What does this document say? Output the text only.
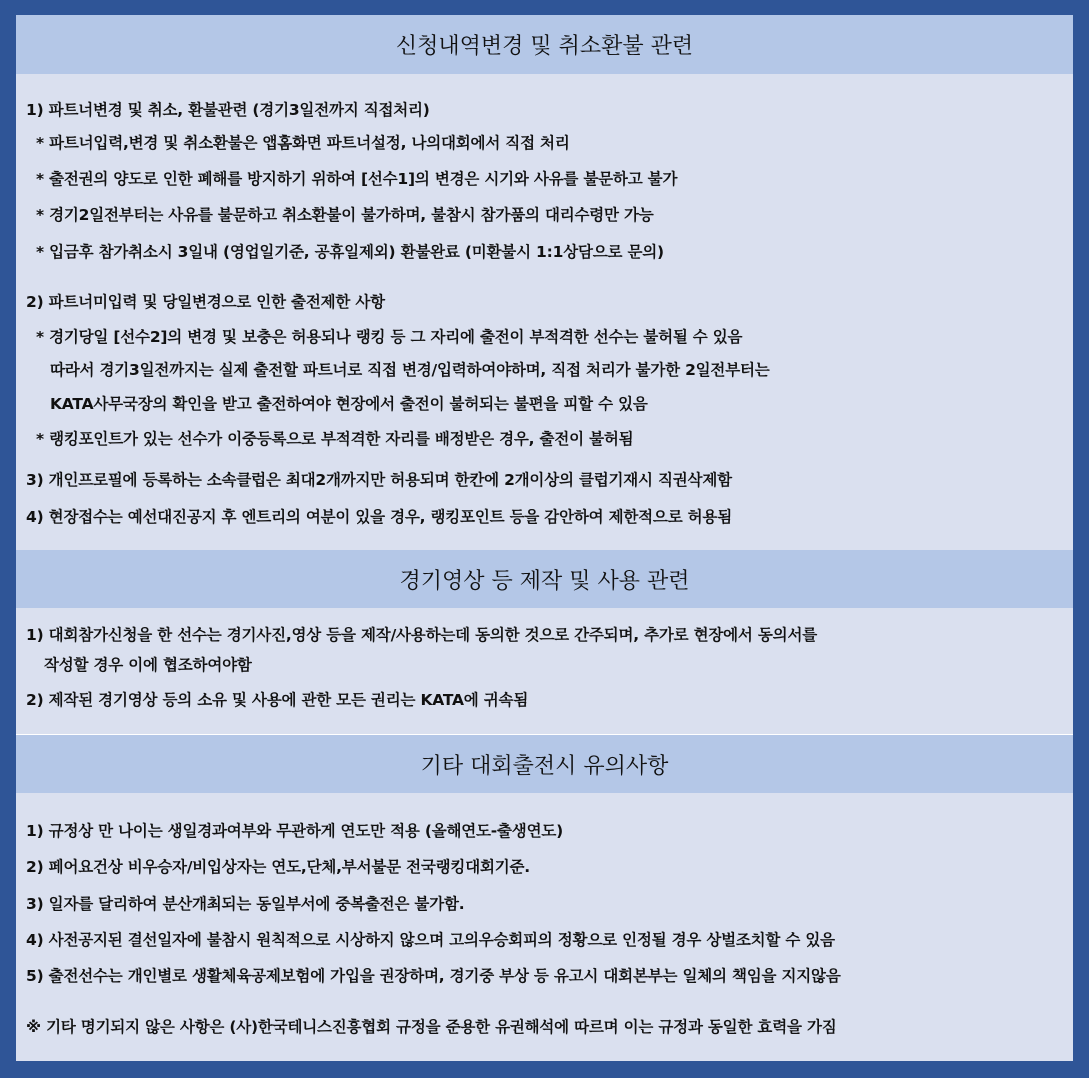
신청내역변경 및 취소환불 관련
1) 파트너변경 및 취소, 환불관련 (경기3일전까지 직접처리)
* 파트너입력,변경 및 취소환불은 앱홈화면 파트너설정, 나의대회에서 직접 처리
* 출전권의 양도로 인한 폐해를 방지하기 위하여 [선수1]의 변경은 시기와 사유를 불문하고 불가
* 경기2일전부터는 사유를 불문하고 취소환불이 불가하며, 불참시 참가품의 대리수령만 가능
* 입금후 참가취소시 3일내 (영업일기준, 공휴일제외) 환불완료 (미환불시 1:1상담으로 문의)
2) 파트너미입력 및 당일변경으로 인한 출전제한 사항
* 경기당일 [선수2]의 변경 및 보충은 허용되나 랭킹 등 그 자리에 출전이 부적격한 선수는 불허될 수 있음
따라서 경기3일전까지는 실제 출전할 파트너로 직접 변경/입력하여야하며, 직접 처리가 불가한 2일전부터는
KATA사무국장의 확인을 받고 출전하여야 현장에서 출전이 불허되는 불편을 피할 수 있음
* 랭킹포인트가 있는 선수가 이중등록으로 부적격한 자리를 배정받은 경우, 출전이 불허됨
3) 개인프로필에 등록하는 소속클럽은 최대2개까지만 허용되며 한칸에 2개이상의 클럽기재시 직권삭제함
4) 현장접수는 예선대진공지 후 엔트리의 여분이 있을 경우, 랭킹포인트 등을 감안하여 제한적으로 허용됨
경기영상 등 제작 및 사용 관련
1) 대회참가신청을 한 선수는 경기사진,영상 등을 제작/사용하는데 동의한 것으로 간주되며, 추가로 현장에서 동의서를
작성할 경우 이에 협조하여야함
2) 제작된 경기영상 등의 소유 및 사용에 관한 모든 권리는 KATA에 귀속됨
기타 대회출전시 유의사항
1) 규정상 만 나이는 생일경과여부와 무관하게 연도만 적용 (올해연도-출생연도)
2) 페어요건상 비우승자/비입상자는 연도,단체,부서불문 전국랭킹대회기준.
3) 일자를 달리하여 분산개최되는 동일부서에 중복출전은 불가함.
4) 사전공지된 결선일자에 불참시 원칙적으로 시상하지 않으며 고의우승회피의 정황으로 인정될 경우 상벌조치할 수 있음
5) 출전선수는 개인별로 생활체육공제보험에 가입을 권장하며, 경기중 부상 등 유고시 대회본부는 일체의 책임을 지지않음
※ 기타 명기되지 않은 사항은 (사)한국테니스진흥협회 규정을 준용한 유권해석에 따르며 이는 규정과 동일한 효력을 가짐
